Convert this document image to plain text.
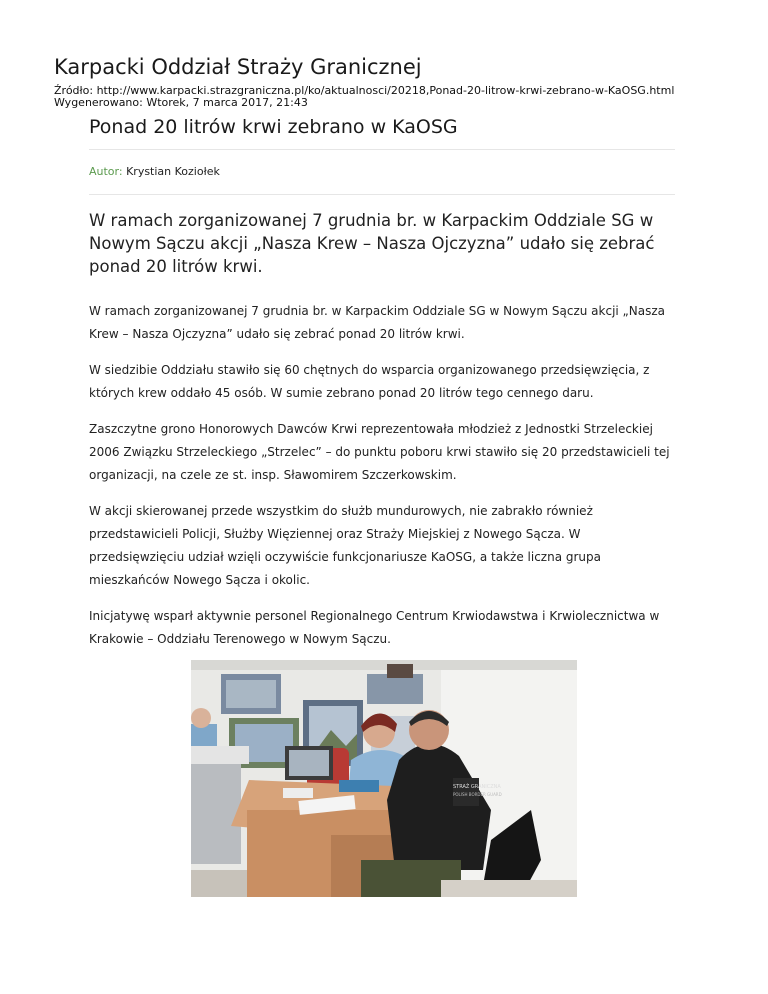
Karpacki Oddział Straży Granicznej
Źródło: http://www.karpacki.strazgraniczna.pl/ko/aktualnosci/20218,Ponad-20-litrow-krwi-zebrano-w-KaOSG.html
Wygenerowano: Wtorek, 7 marca 2017, 21:43
Ponad 20 litrów krwi zebrano w KaOSG
Autor: Krystian Koziołek

W ramach zorganizowanej 7 grudnia br. w Karpackim Oddziale SG w Nowym Sączu akcji „Nasza Krew – Nasza Ojczyzna” udało się zebrać ponad 20 litrów krwi.

W ramach zorganizowanej 7 grudnia br. w Karpackim Oddziale SG w Nowym Sączu akcji „Nasza Krew – Nasza Ojczyzna” udało się zebrać ponad 20 litrów krwi.

W siedzibie Oddziału stawiło się 60 chętnych do wsparcia organizowanego przedsięwzięcia, z których krew oddało 45 osób. W sumie zebrano ponad 20 litrów tego cennego daru.

Zaszczytne grono Honorowych Dawców Krwi reprezentowała młodzież z Jednostki Strzeleckiej 2006 Związku Strzeleckiego „Strzelec” – do punktu poboru krwi stawiło się 20 przedstawicieli tej organizacji, na czele ze st. insp. Sławomirem Szczerkowskim.

W akcji skierowanej przede wszystkim do służb mundurowych, nie zabrakło również przedstawicieli Policji, Służby Więziennej oraz Straży Miejskiej z Nowego Sącza. W przedsięwzięciu udział wzięli oczywiście funkcjonariusze KaOSG, a także liczna grupa mieszkańców Nowego Sącza i okolic.

Inicjatywę wsparł aktywnie personel Regionalnego Centrum Krwiodawstwa i Krwiolecznictwa w Krakowie – Oddziału Terenowego w Nowym Sączu.

STRAŻ GRANICZNA
POLISH BORDER GUARD
